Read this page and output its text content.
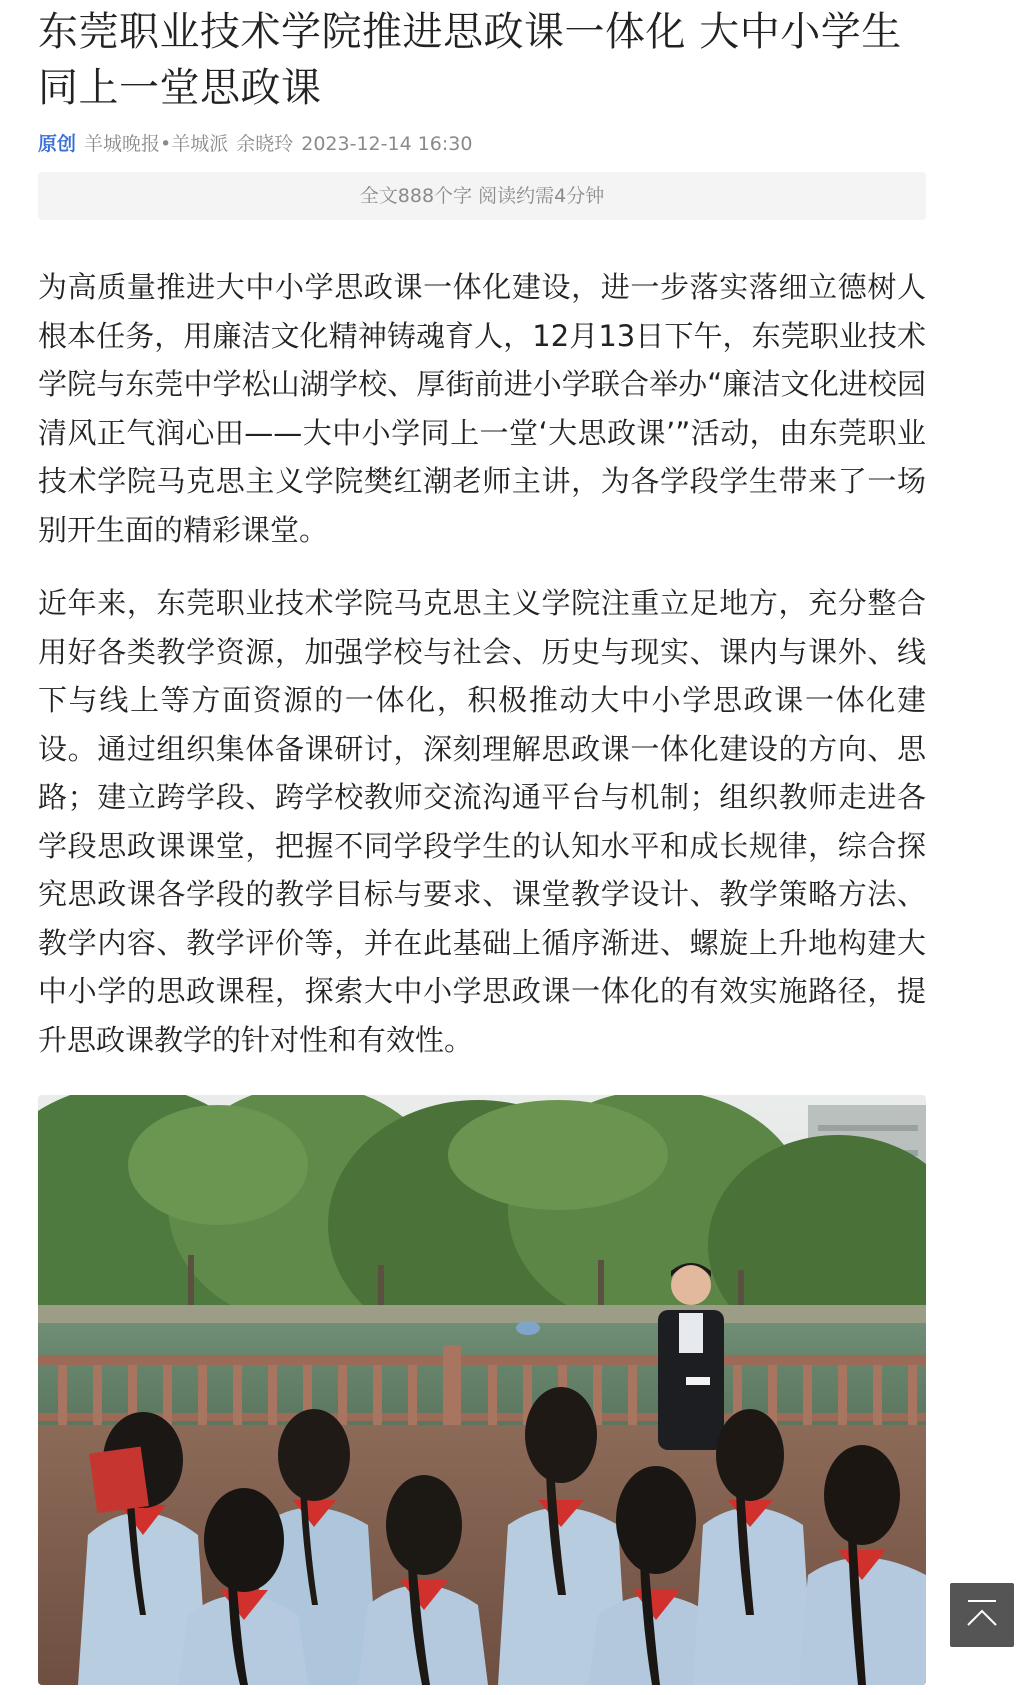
东莞职业技术学院推进思政课一体化 大中小学生同上一堂思政课
原创 羊城晚报•羊城派 余晓玲 2023-12-14 16:30
全文888个字 阅读约需4分钟

为高质量推进大中小学思政课一体化建设，进一步落实落细立德树人根本任务，用廉洁文化精神铸魂育人，12月13日下午，东莞职业技术学院与东莞中学松山湖学校、厚街前进小学联合举办“廉洁文化进校园 清风正气润心田——大中小学同上一堂‘大思政课’”活动，由东莞职业技术学院马克思主义学院樊红潮老师主讲，为各学段学生带来了一场别开生面的精彩课堂。

近年来，东莞职业技术学院马克思主义学院注重立足地方，充分整合用好各类教学资源，加强学校与社会、历史与现实、课内与课外、线下与线上等方面资源的一体化，积极推动大中小学思政课一体化建设。通过组织集体备课研讨，深刻理解思政课一体化建设的方向、思路；建立跨学段、跨学校教师交流沟通平台与机制；组织教师走进各学段思政课课堂，把握不同学段学生的认知水平和成长规律，综合探究思政课各学段的教学目标与要求、课堂教学设计、教学策略方法、教学内容、教学评价等，并在此基础上循序渐进、螺旋上升地构建大中小学的思政课程，探索大中小学思政课一体化的有效实施路径，提升思政课教学的针对性和有效性。
